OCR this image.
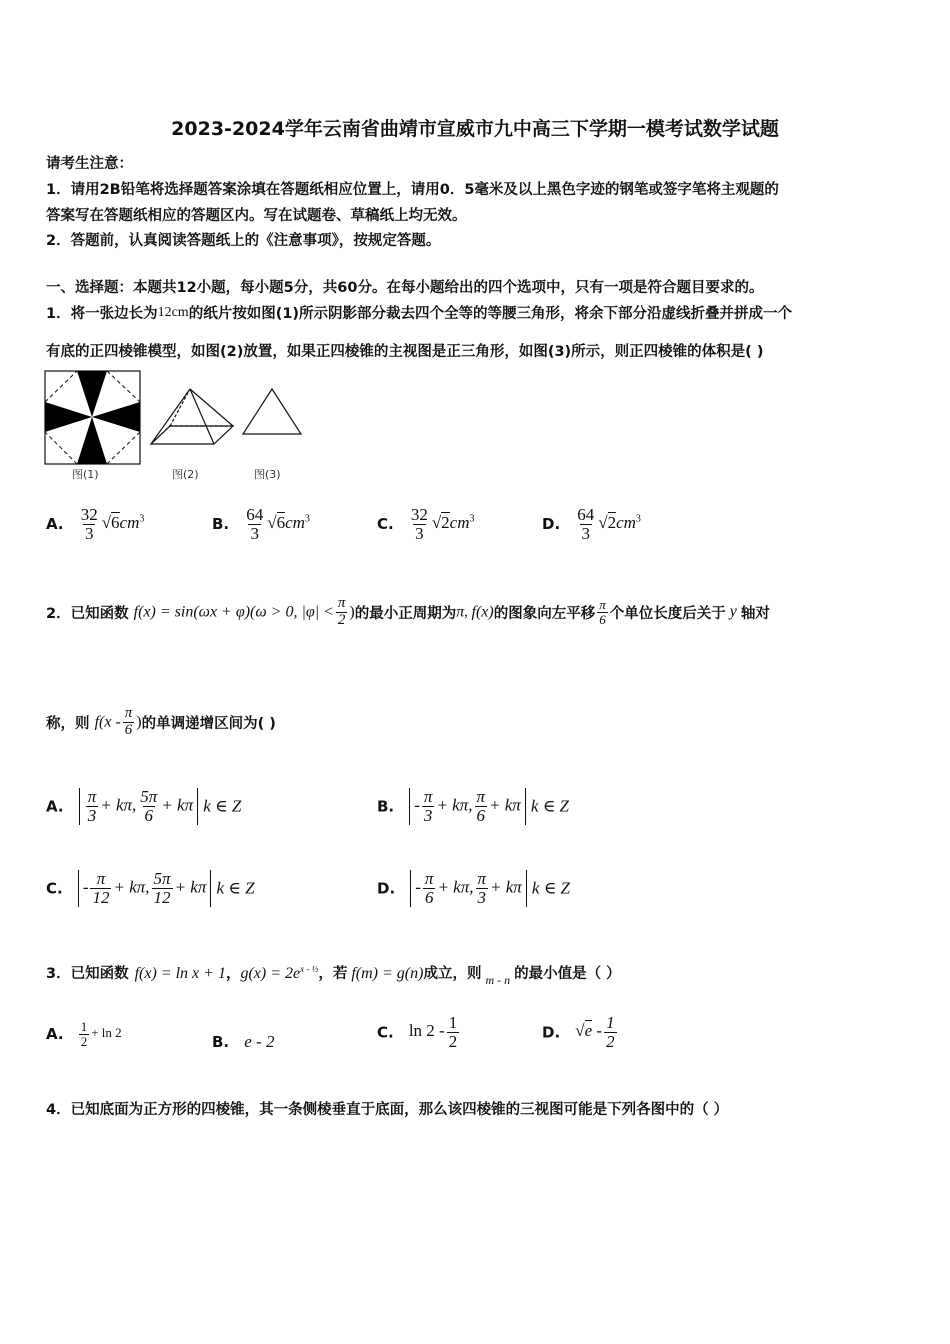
2023-2024学年云南省曲靖市宣威市九中高三下学期一模考试数学试题
请考生注意：
1．请用2B铅笔将选择题答案涂填在答题纸相应位置上，请用0．5毫米及以上黑色字迹的钢笔或签字笔将主观题的
答案写在答题纸相应的答题区内。写在试题卷、草稿纸上均无效。
2．答题前，认真阅读答题纸上的《注意事项》，按规定答题。
一、选择题：本题共12小题，每小题5分，共60分。在每小题给出的四个选项中，只有一项是符合题目要求的。
1．将一张边长为12cm的纸片按如图(1)所示阴影部分裁去四个全等的等腰三角形，将余下部分沿虚线折叠并拼成一个
有底的正四棱锥模型，如图(2)放置，如果正四棱锥的主视图是正三角形，如图(3)所示，则正四棱锥的体积是( )
图(1)	图(2)	图(3)
A. $\frac{32}{3} √6cm^3$	B. $\frac{64}{3} √6cm^3$	C. $\frac{32}{3} √2cm^3$	D. $\frac{64}{3} √2cm^3$
2．已知函数 f(x) = sin(ωx + φ)(ω > 0, $|\varphi| < \frac{\pi}{2}$ )的最小正周期为π, f(x)的图象向左平移 $\frac{\pi}{6}$ 个单位长度后关于 y 轴对
称，则 $f(x - \frac{\pi}{6}$ )的单调递增区间为( )
A. $\frac{\pi}{3} + k\pi$, $\frac{5\pi}{6} + k\pi$ k ∈ Z	B. - $\frac{\pi}{3} + k\pi$, $\frac{\pi}{6} + k\pi$ k ∈ Z
C. - $\frac{\pi}{12} + k\pi$, $\frac{5\pi}{12} + k\pi$ k ∈ Z	D. - $\frac{\pi}{6} + k\pi$, $\frac{\pi}{3} + k\pi$ k ∈ Z
3．已知函数 f(x) = ln x + 1，$g(x) = 2e^{x - \frac{1}{2}}$，若 f(m) = g(n)成立，则 $_{m - n}$ 的最小值是（ ）
A. $\frac{1}{2} + \ln 2$
B. e - 2	C. $\ln 2 - \frac{1}{2}$	D. $√e - \frac{1}{2}$
4．已知底面为正方形的四棱锥，其一条侧棱垂直于底面，那么该四棱锥的三视图可能是下列各图中的（ ）
